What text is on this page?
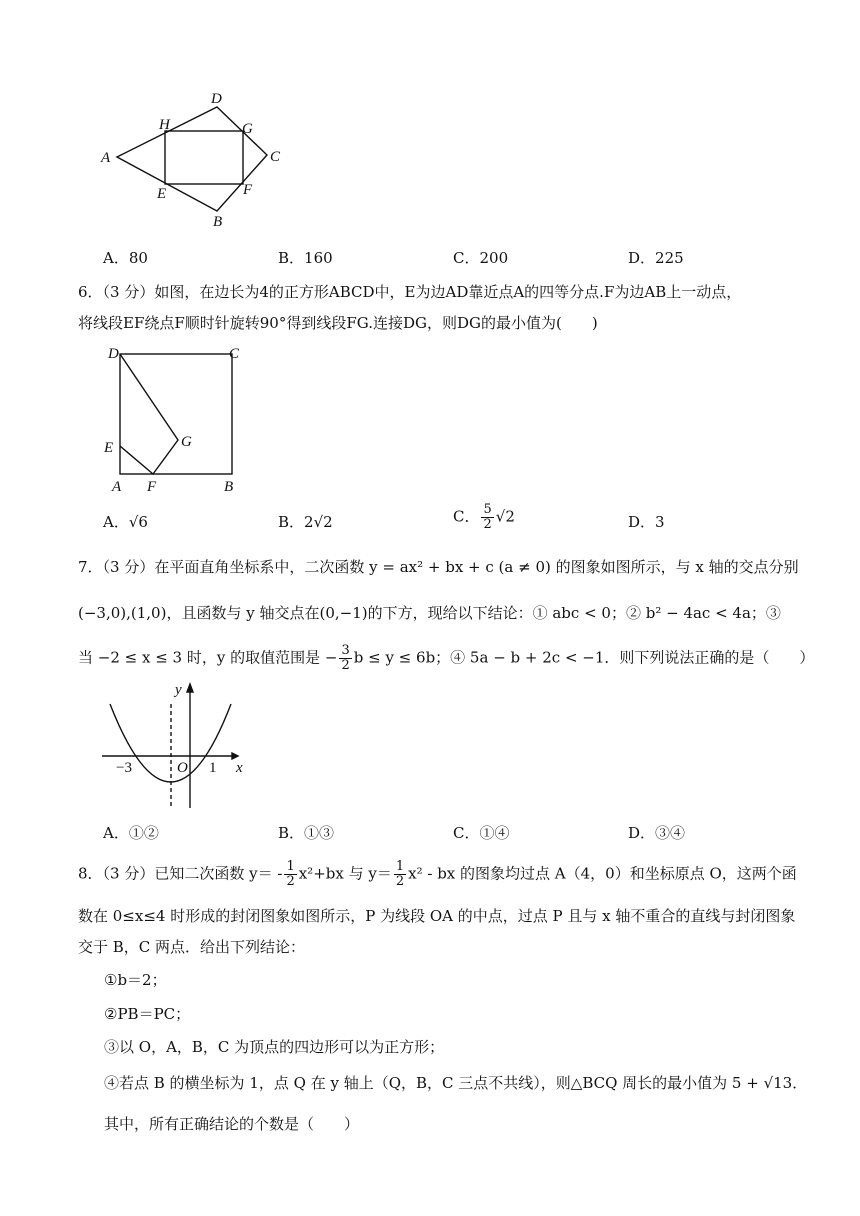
D
H	G
A	C
E	F
B
A．80	B．160	C．200	D．225
6．（3 分）如图，在边长为4的正方形ABCD中，E为边AD靠近点A的四等分点.F为边AB上一动点，
将线段EF绕点F顺时针旋转90°得到线段FG.连接DG，则DG的最小值为(　　)
D	C
E	G
A F	B
A．√6	B．2√2	C． $\frac{5}{2} √2$	D．3
7．（3 分）在平面直角坐标系中，二次函数 y = ax² + bx + c (a ≠ 0) 的图象如图所示，与 x 轴的交点分别
(−3,0),(1,0)，且函数与 y 轴交点在(0,−1)的下方，现给以下结论：① abc < 0；② b² − 4ac < 4a；③
当 −2 ≤ x ≤ 3 时，y 的取值范围是 − $\frac{3}{2}$ b ≤ y ≤ 6b；④ 5a − b + 2c < −1．则下列说法正确的是（　　）
y
x
−3	O 1
A．①②	B．①③	C．①④	D．③④
8．（3 分）已知二次函数 $y= - \frac{1}{2} x^2+bx$ 与 $y= \frac{1}{2} x^2$ - bx 的图象均过点 A（4，0）和坐标原点 O，这两个函
数在 0≤x≤4 时形成的封闭图象如图所示，P 为线段 OA 的中点，过点 P 且与 x 轴不重合的直线与封闭图象
交于 B，C 两点．给出下列结论：
①b＝2；
②PB＝PC；
③以 O，A，B，C 为顶点的四边形可以为正方形；
④若点 B 的横坐标为 1，点 Q 在 y 轴上（Q，B，C 三点不共线），则△BCQ 周长的最小值为 5 + √13．
其中，所有正确结论的个数是（　　）
